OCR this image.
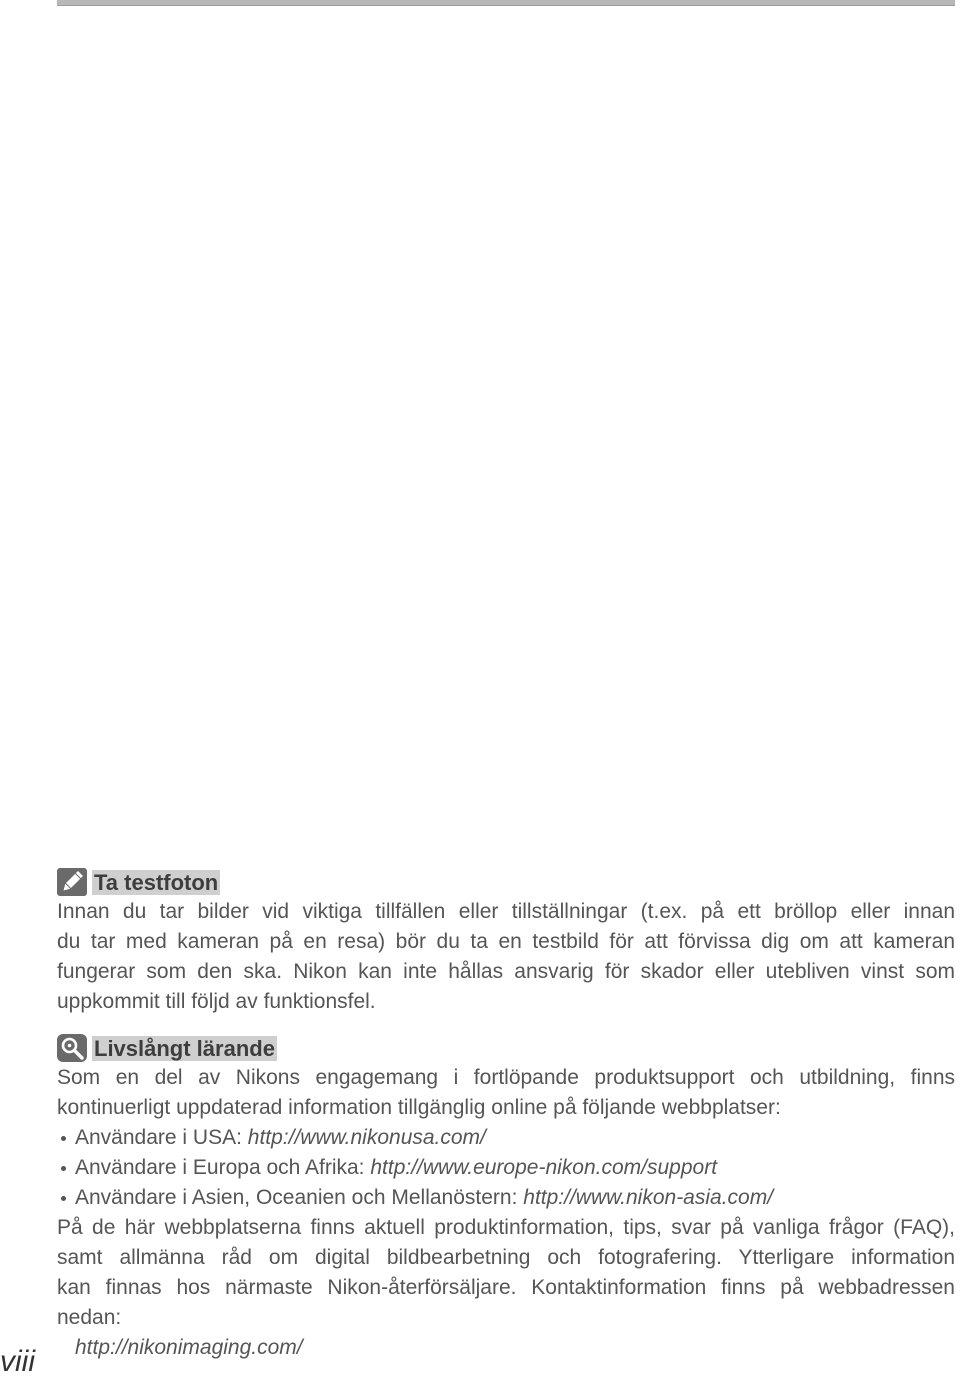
Ta testfoton
Innan du tar bilder vid viktiga tillfällen eller tillställningar (t.ex. på ett bröllop eller innan
du tar med kameran på en resa) bör du ta en testbild för att förvissa dig om att kameran
fungerar som den ska. Nikon kan inte hållas ansvarig för skador eller utebliven vinst som
uppkommit till följd av funktionsfel.
Livslångt lärande
Som en del av Nikons engagemang i fortlöpande produktsupport och utbildning, finns
kontinuerligt uppdaterad information tillgänglig online på följande webbplatser:
Användare i USA: http://www.nikonusa.com/
Användare i Europa och Afrika: http://www.europe-nikon.com/support
Användare i Asien, Oceanien och Mellanöstern: http://www.nikon-asia.com/
På de här webbplatserna finns aktuell produktinformation, tips, svar på vanliga frågor (FAQ),
samt allmänna råd om digital bildbearbetning och fotografering. Ytterligare information
kan finnas hos närmaste Nikon-återförsäljare. Kontaktinformation finns på webbadressen
nedan:
http://nikonimaging.com/
viii
